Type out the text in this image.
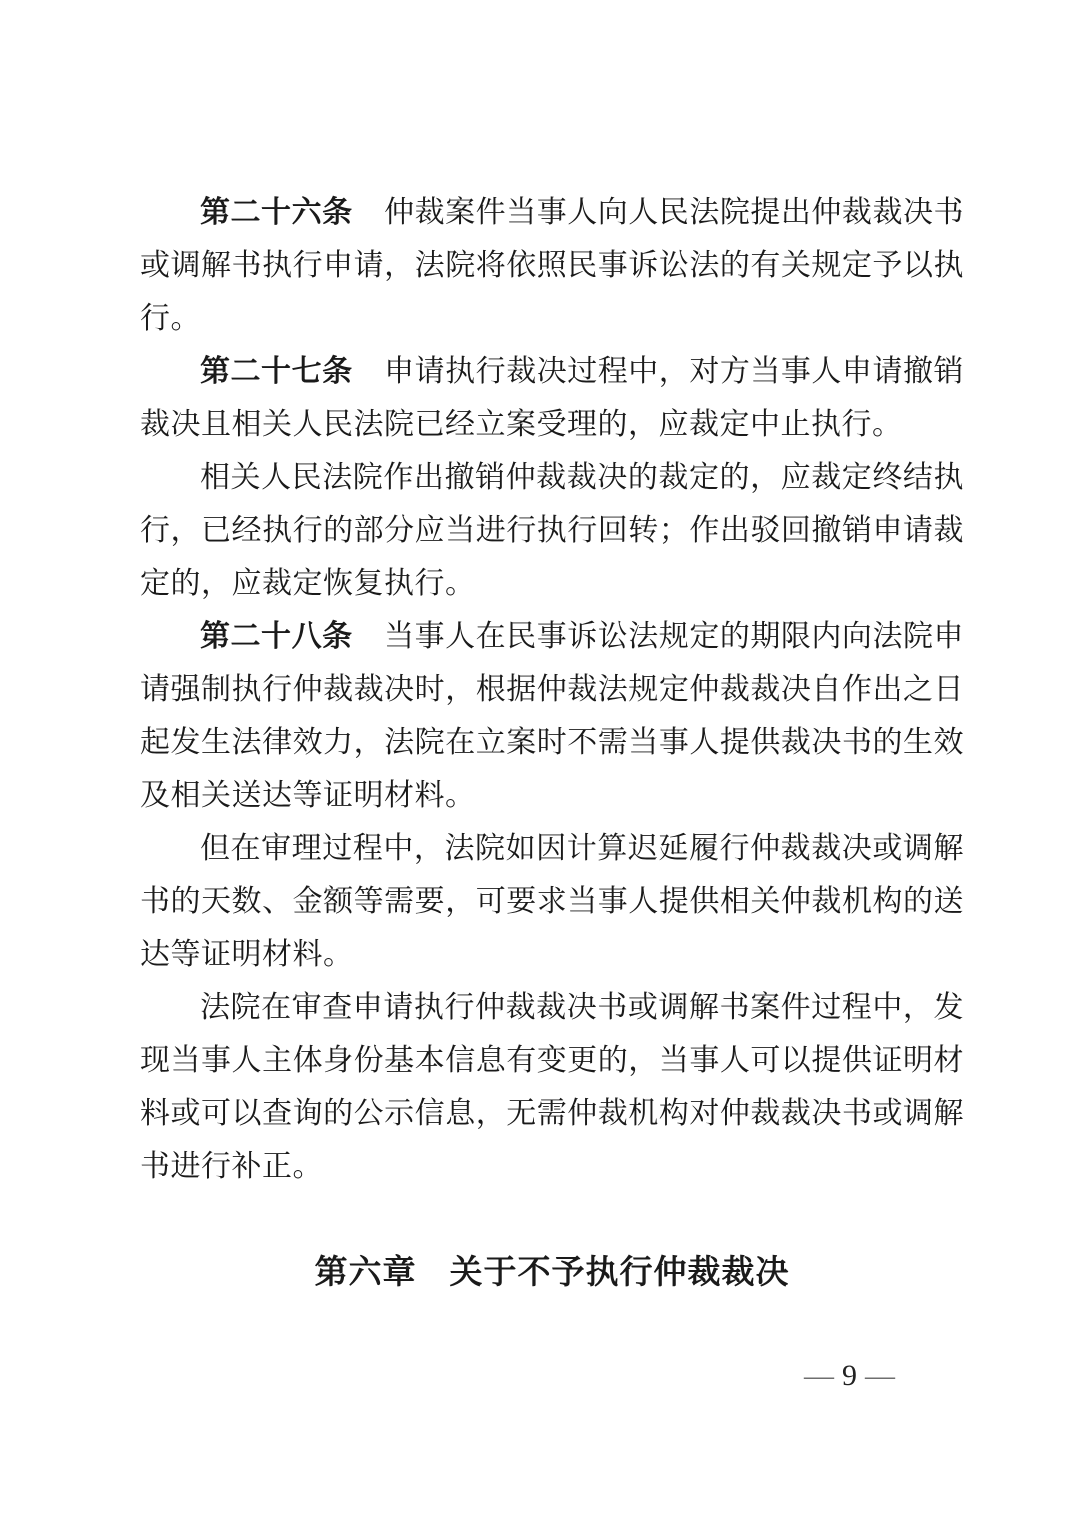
第二十六条 仲裁案件当事人向人民法院提出仲裁裁决书或调解书执行申请，法院将依照民事诉讼法的有关规定予以执行。

第二十七条 申请执行裁决过程中，对方当事人申请撤销裁决且相关人民法院已经立案受理的，应裁定中止执行。

相关人民法院作出撤销仲裁裁决的裁定的，应裁定终结执行，已经执行的部分应当进行执行回转；作出驳回撤销申请裁定的，应裁定恢复执行。

第二十八条 当事人在民事诉讼法规定的期限内向法院申请强制执行仲裁裁决时，根据仲裁法规定仲裁裁决自作出之日起发生法律效力，法院在立案时不需当事人提供裁决书的生效及相关送达等证明材料。

但在审理过程中，法院如因计算迟延履行仲裁裁决或调解书的天数、金额等需要，可要求当事人提供相关仲裁机构的送达等证明材料。

法院在审查申请执行仲裁裁决书或调解书案件过程中，发现当事人主体身份基本信息有变更的，当事人可以提供证明材料或可以查询的公示信息，无需仲裁机构对仲裁裁决书或调解书进行补正。

第六章 关于不予执行仲裁裁决
— 9 —
